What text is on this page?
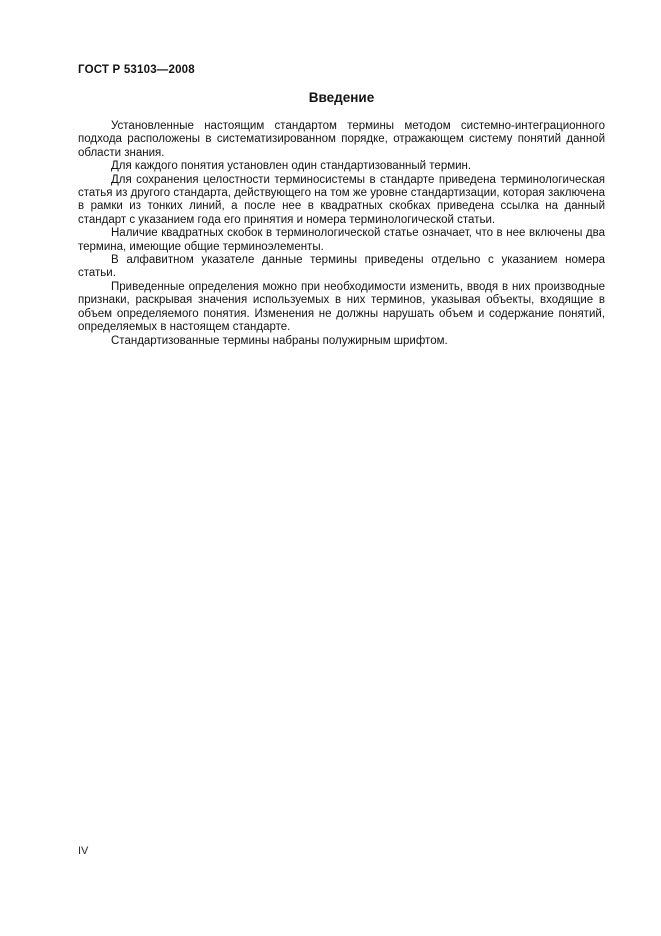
ГОСТ Р 53103—2008
Введение

Установленные настоящим стандартом термины методом системно-интеграционного подхода расположены в систематизированном порядке, отражающем систему понятий данной области знания.

Для каждого понятия установлен один стандартизованный термин.

Для сохранения целостности терминосистемы в стандарте приведена терминологическая статья из другого стандарта, действующего на том же уровне стандартизации, которая заключена в рамки из тонких линий, а после нее в квадратных скобках приведена ссылка на данный стандарт с указанием года его принятия и номера терминологической статьи.

Наличие квадратных скобок в терминологической статье означает, что в нее включены два термина, имеющие общие терминоэлементы.

В алфавитном указателе данные термины приведены отдельно с указанием номера статьи.

Приведенные определения можно при необходимости изменить, вводя в них производные признаки, раскрывая значения используемых в них терминов, указывая объекты, входящие в объем определяемого понятия. Изменения не должны нарушать объем и содержание понятий, определяемых в настоящем стандарте.

Стандартизованные термины набраны полужирным шрифтом.

IV
